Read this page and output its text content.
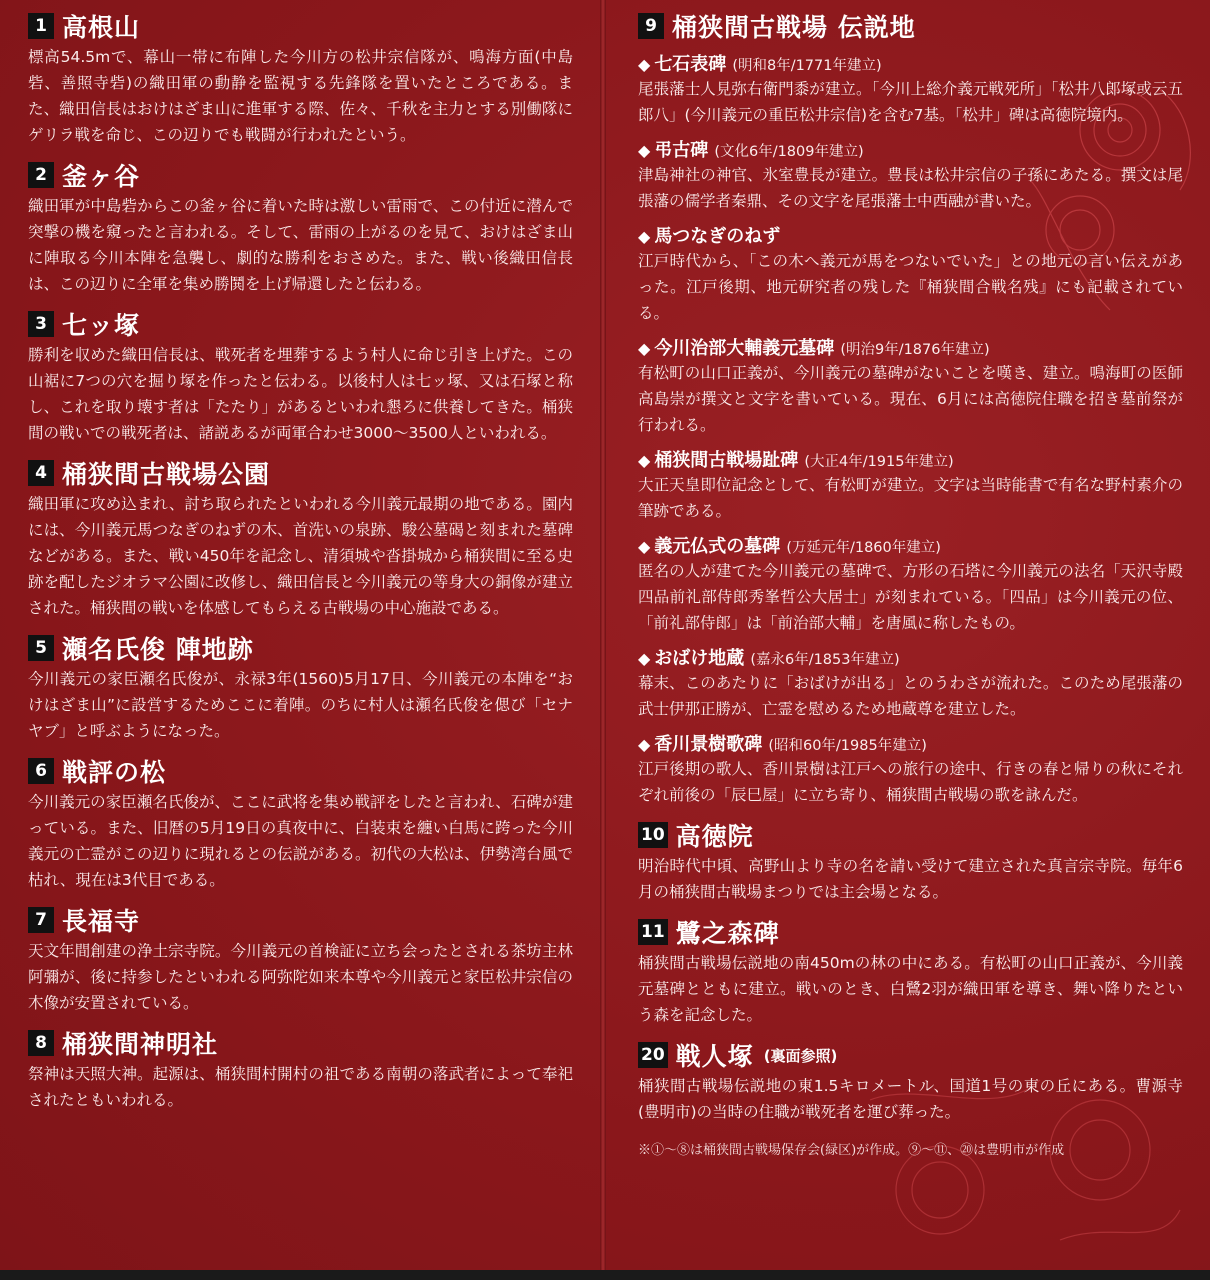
1 高根山

標高54.5mで、幕山一帯に布陣した今川方の松井宗信隊が、鳴海方面(中島砦、善照寺砦)の織田軍の動静を監視する先鋒隊を置いたところである。また、織田信長はおけはざま山に進軍する際、佐々、千秋を主力とする別働隊にゲリラ戦を命じ、この辺りでも戦闘が行われたという。

2 釜ヶ谷

織田軍が中島砦からこの釜ヶ谷に着いた時は激しい雷雨で、この付近に潜んで突撃の機を窺ったと言われる。そして、雷雨の上がるのを見て、おけはざま山に陣取る今川本陣を急襲し、劇的な勝利をおさめた。また、戦い後織田信長は、この辺りに全軍を集め勝鬨を上げ帰還したと伝わる。

3 七ッ塚

勝利を収めた織田信長は、戦死者を埋葬するよう村人に命じ引き上げた。この山裾に7つの穴を掘り塚を作ったと伝わる。以後村人は七ッ塚、又は石塚と称し、これを取り壊す者は「たたり」があるといわれ懇ろに供養してきた。桶狭間の戦いでの戦死者は、諸説あるが両軍合わせ3000〜3500人といわれる。

4 桶狭間古戦場公園

織田軍に攻め込まれ、討ち取られたといわれる今川義元最期の地である。園内には、今川義元馬つなぎのねずの木、首洗いの泉跡、駿公墓碣と刻まれた墓碑などがある。また、戦い450年を記念し、清須城や沓掛城から桶狭間に至る史跡を配したジオラマ公園に改修し、織田信長と今川義元の等身大の銅像が建立された。桶狭間の戦いを体感してもらえる古戦場の中心施設である。

5 瀬名氏俊 陣地跡

今川義元の家臣瀬名氏俊が、永禄3年(1560)5月17日、今川義元の本陣を“おけはざま山”に設営するためここに着陣。のちに村人は瀬名氏俊を偲び「セナヤブ」と呼ぶようになった。

6 戦評の松

今川義元の家臣瀬名氏俊が、ここに武将を集め戦評をしたと言われ、石碑が建っている。また、旧暦の5月19日の真夜中に、白装束を纏い白馬に跨った今川義元の亡霊がこの辺りに現れるとの伝説がある。初代の大松は、伊勢湾台風で枯れ、現在は3代目である。

7 長福寺

天文年間創建の浄土宗寺院。今川義元の首検証に立ち会ったとされる茶坊主林阿彌が、後に持参したといわれる阿弥陀如来本尊や今川義元と家臣松井宗信の木像が安置されている。

8 桶狭間神明社

祭神は天照大神。起源は、桶狭間村開村の祖である南朝の落武者によって奉祀されたともいわれる。

9 桶狭間古戦場 伝説地
◆ 七石表碑 (明和8年/1771年建立)

尾張藩士人見弥右衛門黍が建立。「今川上総介義元戦死所」「松井八郎塚或云五郎八」(今川義元の重臣松井宗信)を含む7基。「松井」碑は高徳院境内。

◆ 弔古碑 (文化6年/1809年建立)

津島神社の神官、氷室豊長が建立。豊長は松井宗信の子孫にあたる。撰文は尾張藩の儒学者秦鼎、その文字を尾張藩士中西融が書いた。

◆ 馬つなぎのねず

江戸時代から、「この木へ義元が馬をつないでいた」との地元の言い伝えがあった。江戸後期、地元研究者の残した『桶狭間合戦名残』にも記載されている。

◆ 今川治部大輔義元墓碑 (明治9年/1876年建立)

有松町の山口正義が、今川義元の墓碑がないことを嘆き、建立。鳴海町の医師高島崇が撰文と文字を書いている。現在、6月には高徳院住職を招き墓前祭が行われる。

◆ 桶狭間古戦場趾碑 (大正4年/1915年建立)

大正天皇即位記念として、有松町が建立。文字は当時能書で有名な野村素介の筆跡である。

◆ 義元仏式の墓碑 (万延元年/1860年建立)

匿名の人が建てた今川義元の墓碑で、方形の石塔に今川義元の法名「天沢寺殿四品前礼部侍郎秀峯哲公大居士」が刻まれている。「四品」は今川義元の位、「前礼部侍郎」は「前治部大輔」を唐風に称したもの。

◆ おばけ地蔵 (嘉永6年/1853年建立)

幕末、このあたりに「おばけが出る」とのうわさが流れた。このため尾張藩の武士伊那正勝が、亡霊を慰めるため地蔵尊を建立した。

◆ 香川景樹歌碑 (昭和60年/1985年建立)

江戸後期の歌人、香川景樹は江戸への旅行の途中、行きの春と帰りの秋にそれぞれ前後の「辰巳屋」に立ち寄り、桶狭間古戦場の歌を詠んだ。

10 高徳院

明治時代中頃、高野山より寺の名を請い受けて建立された真言宗寺院。毎年6月の桶狭間古戦場まつりでは主会場となる。

11 鷺之森碑

桶狭間古戦場伝説地の南450mの林の中にある。有松町の山口正義が、今川義元墓碑とともに建立。戦いのとき、白鷺2羽が織田軍を導き、舞い降りたという森を記念した。

20 戦人塚 (裏面参照)

桶狭間古戦場伝説地の東1.5キロメートル、国道1号の東の丘にある。曹源寺(豊明市)の当時の住職が戦死者を運び葬った。

※①〜⑧は桶狭間古戦場保存会(緑区)が作成。⑨〜⑪、⑳は豊明市が作成
